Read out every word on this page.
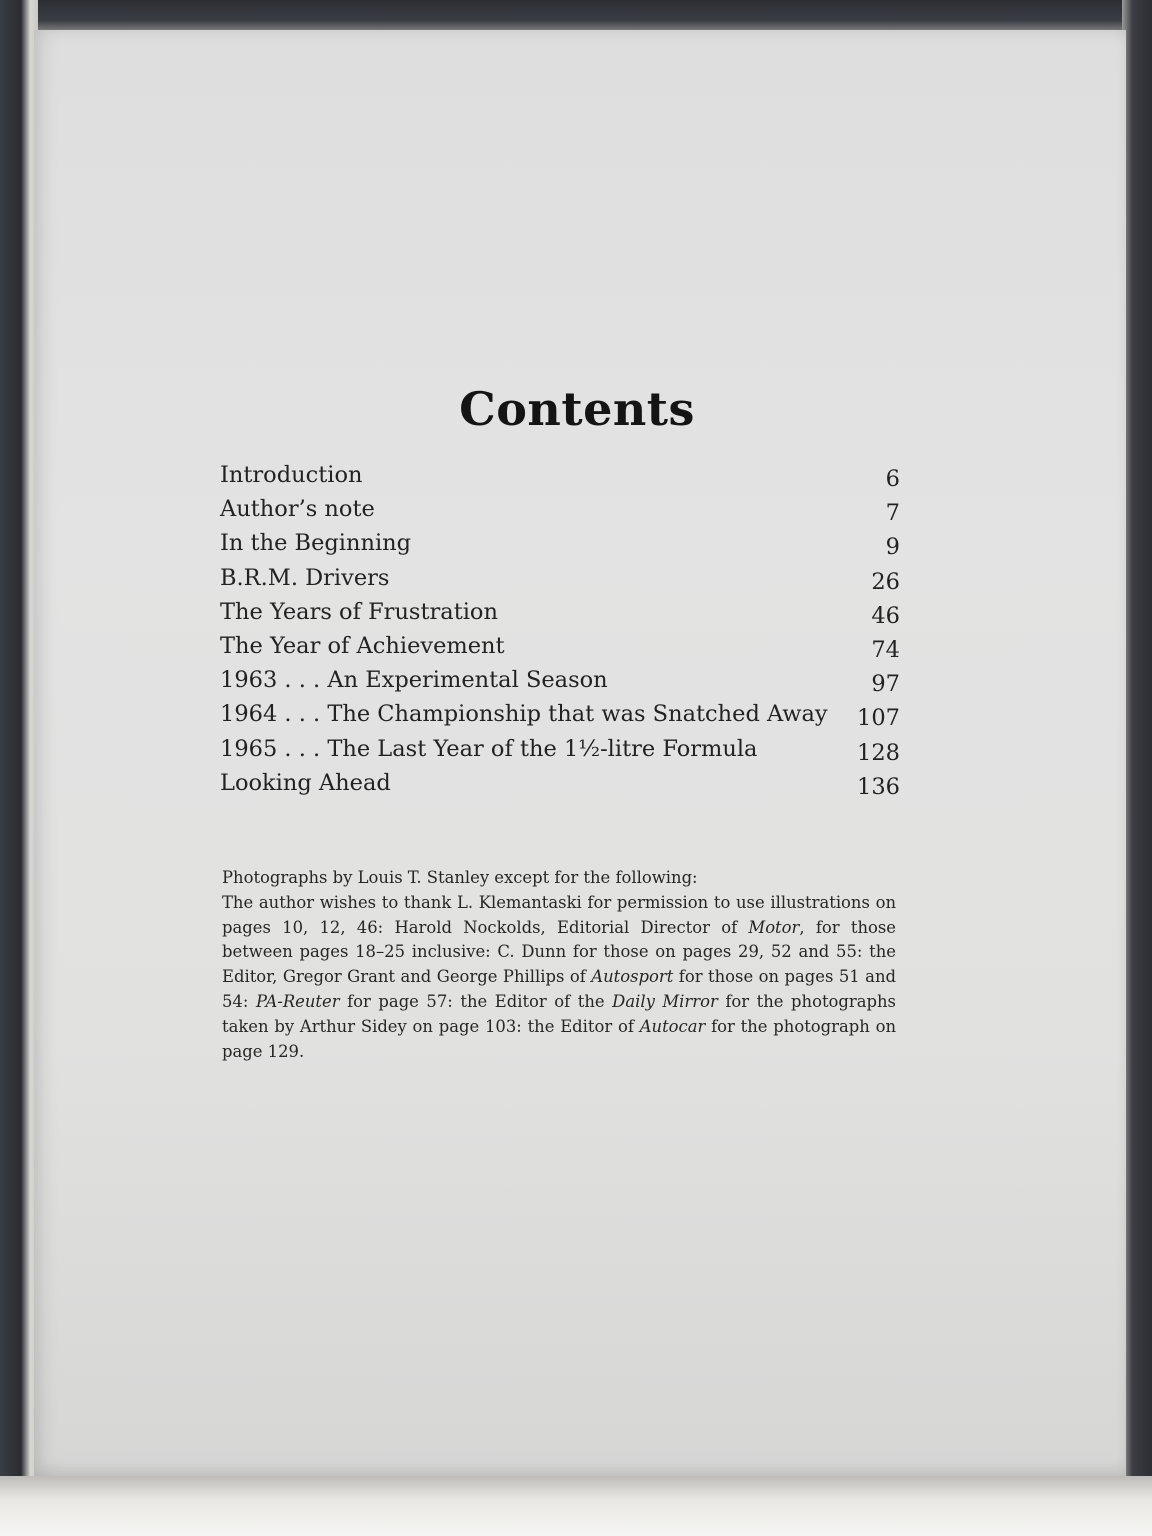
Contents
Introduction	6
Author’s note	7
In the Beginning	9
B.R.M. Drivers	26
The Years of Frustration	46
The Year of Achievement	74
1963 . . . An Experimental Season	97
1964 . . . The Championship that was Snatched Away 107
1965 . . . The Last Year of the 1½-litre Formula	128
Looking Ahead	136

Photographs by Louis T. Stanley except for the following:

The author wishes to thank L. Klemantaski for permission to use illustrations on pages 10, 12, 46: Harold Nockolds, Editorial Director of Motor, for those between pages 18–25 inclusive: C. Dunn for those on pages 29, 52 and 55: the Editor, Gregor Grant and George Phillips of Autosport for those on pages 51 and 54: PA-Reuter for page 57: the Editor of the Daily Mirror for the photographs taken by Arthur Sidey on page 103: the Editor of Autocar for the photograph on page 129.
